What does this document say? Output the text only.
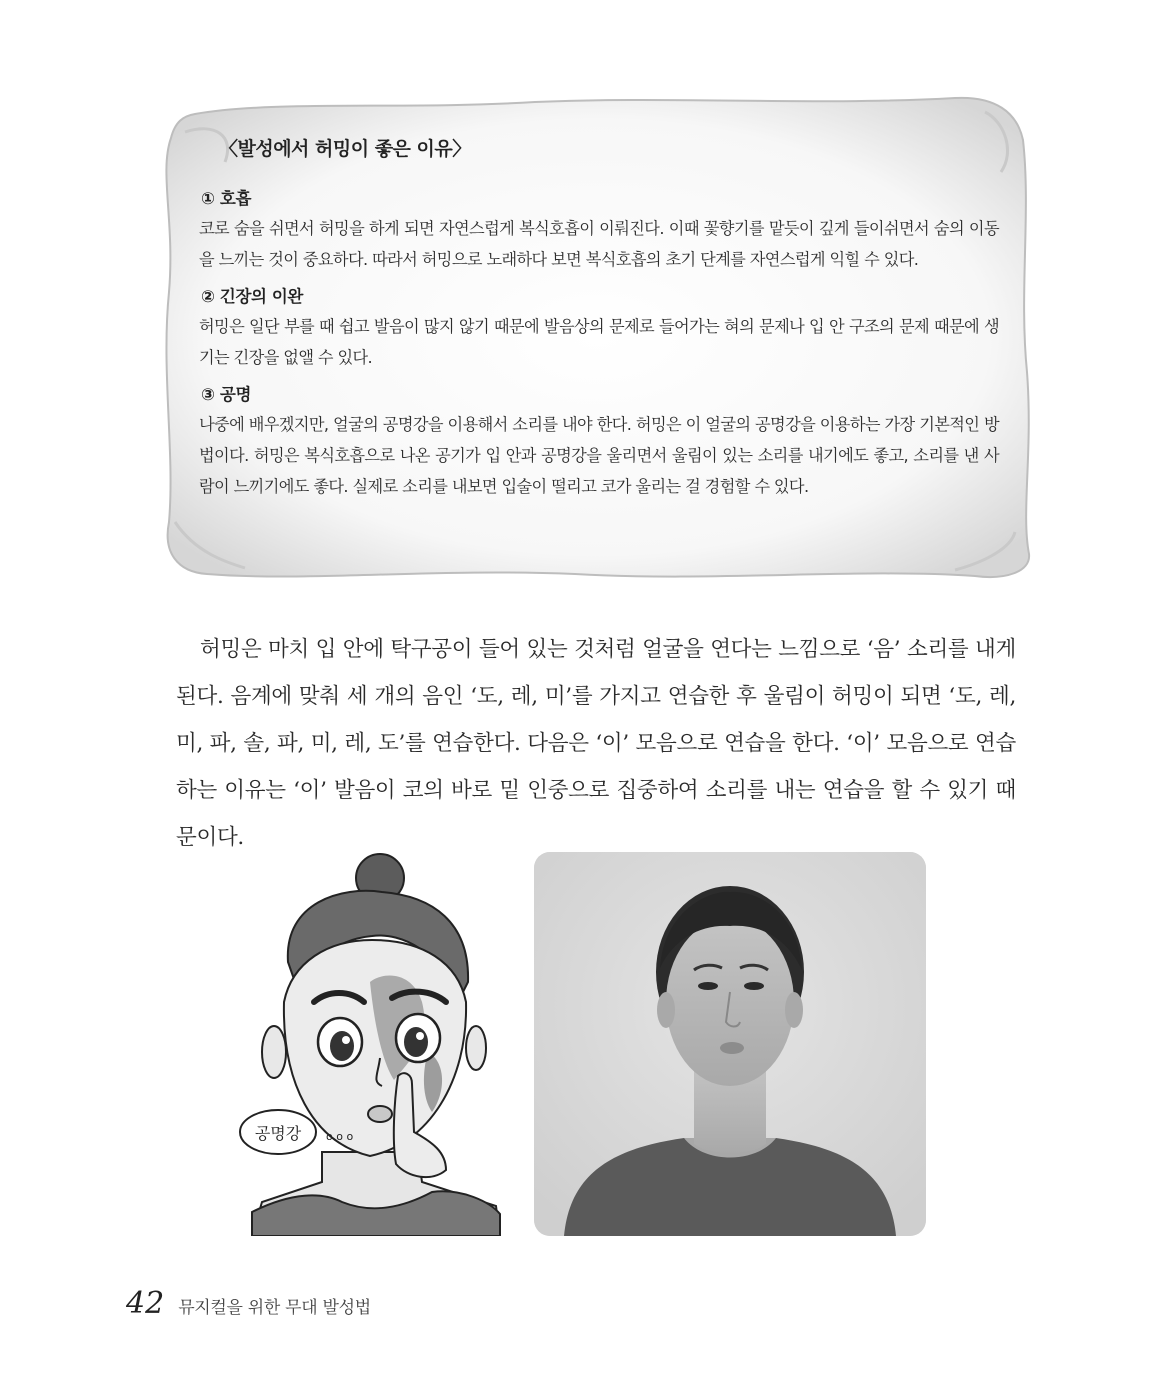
〈발성에서 허밍이 좋은 이유〉
① 호흡
코로 숨을 쉬면서 허밍을 하게 되면 자연스럽게 복식호흡이 이뤄진다. 이때 꽃향기를 맡듯이 깊게 들이쉬면서 숨의 이동을 느끼는 것이 중요하다. 따라서 허밍으로 노래하다 보면 복식호흡의 초기 단계를 자연스럽게 익힐 수 있다.
② 긴장의 이완
허밍은 일단 부를 때 쉽고 발음이 많지 않기 때문에 발음상의 문제로 들어가는 혀의 문제나 입 안 구조의 문제 때문에 생기는 긴장을 없앨 수 있다.
③ 공명
나중에 배우겠지만, 얼굴의 공명강을 이용해서 소리를 내야 한다. 허밍은 이 얼굴의 공명강을 이용하는 가장 기본적인 방법이다. 허밍은 복식호흡으로 나온 공기가 입 안과 공명강을 울리면서 울림이 있는 소리를 내기에도 좋고, 소리를 낸 사람이 느끼기에도 좋다. 실제로 소리를 내보면 입술이 떨리고 코가 울리는 걸 경험할 수 있다.

허밍은 마치 입 안에 탁구공이 들어 있는 것처럼 얼굴을 연다는 느낌으로 ‘음’ 소리를 내게 된다. 음계에 맞춰 세 개의 음인 ‘도, 레, 미’를 가지고 연습한 후 울림이 허밍이 되면 ‘도, 레, 미, 파, 솔, 파, 미, 레, 도’를 연습한다. 다음은 ‘이’ 모음으로 연습을 한다. ‘이’ 모음으로 연습하는 이유는 ‘이’ 발음이 코의 바로 밑 인중으로 집중하여 소리를 내는 연습을 할 수 있기 때문이다.

공명강 o o o
42 뮤지컬을 위한 무대 발성법
